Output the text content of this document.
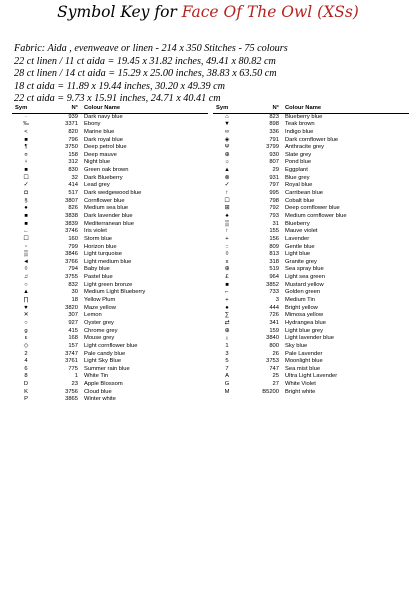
Symbol Key for Face Of The Owl (XSs)
Fabric: Aida , evenweave or linen - 214 x 350 Stitches - 75 colours
22 ct linen / 11 ct aida = 19.45 x 31.82 inches, 49.41 x 80.82 cm
28 ct linen / 14 ct aida = 15.29 x 25.00 inches, 38.83 x 63.50 cm
18 ct aida = 11.89 x 19.44 inches, 30.20 x 49.39 cm
22 ct aida = 9.73 x 15.91 inches, 24.71 x 40.41 cm
Sym	N°	Colour Name
·	939	Dark navy blue
‰	3371	Ebony
<	820	Marine blue
■	796	Dark royal blue
¶	3750	Deep petrol blue
¤	158	Deep mauve
♀	312	Night blue
■	830	Green oak brown
☐	32	Dark Blueberry
✓	414	Lead grey
◘	517	Dark wedgewood blue
§	3807	Cornflower blue
●	826	Medium sea blue
■	3838	Dark lavender blue
■	3839	Mediterranean blue
←	3746	Iris violet
☐	160	Storm blue
▫	799	Horizon blue
▒	3846	Light turquoise
◄	3766	Light medium blue
◊	794	Baby blue
♫	3755	Pastel blue
○	832	Light green bronze
▲	30	Medium Light Blueberry
∏	18	Yellow Plum
♥	3820	Maze yellow
✕	307	Lemon
○	927	Oyster grey
g	415	Chrome grey
ε	168	Mouse grey
◇	157	Light cornflower blue
2	3747	Pale candy blue
4	3761	Light Sky Blue
6	775	Summer rain blue
8	1	White Tin
D	23	Apple Blossom
K	3756	Cloud blue
P	3865	Winter white
Sym	N°	Colour Name
⌂	823	Blueberry blue
▼	898	Teak brown
∞	336	Indigo blue
◈	791	Dark cornflower blue
Ψ	3799	Anthracite grey
⊕	930	Slate grey
☼	807	Pond blue
▲	29	Eggplant
⊗	931	Blue grey
✓	797	Royal blue
↑	995	Carribean blue
☐	798	Cobalt blue
⊞	792	Deep cornflower blue
♠	793	Medium cornflower blue
▒	31	Blueberry
↑	155	Mauve violet
+	156	Lavender
::	809	Gentle blue
◊	813	Light blue
x	318	Granite grey
⊕	519	Sea spray blue
£	964	Light sea green
■	3852	Mustard yellow
⌐	733	Golden green
+	3	Medium Tin
●	444	Bright yellow
∑	726	Mimosa yellow
⇄	341	Hydrangea blue
⊕	159	Light blue grey
¡	3840	Light lavender blue
1	800	Sky blue
3	26	Pale Lavender
5	3753	Moonlight blue
7	747	Sea mist blue
A	25	Ultra Light Lavender
G	27	White Violet
M	B5200	Bright white
